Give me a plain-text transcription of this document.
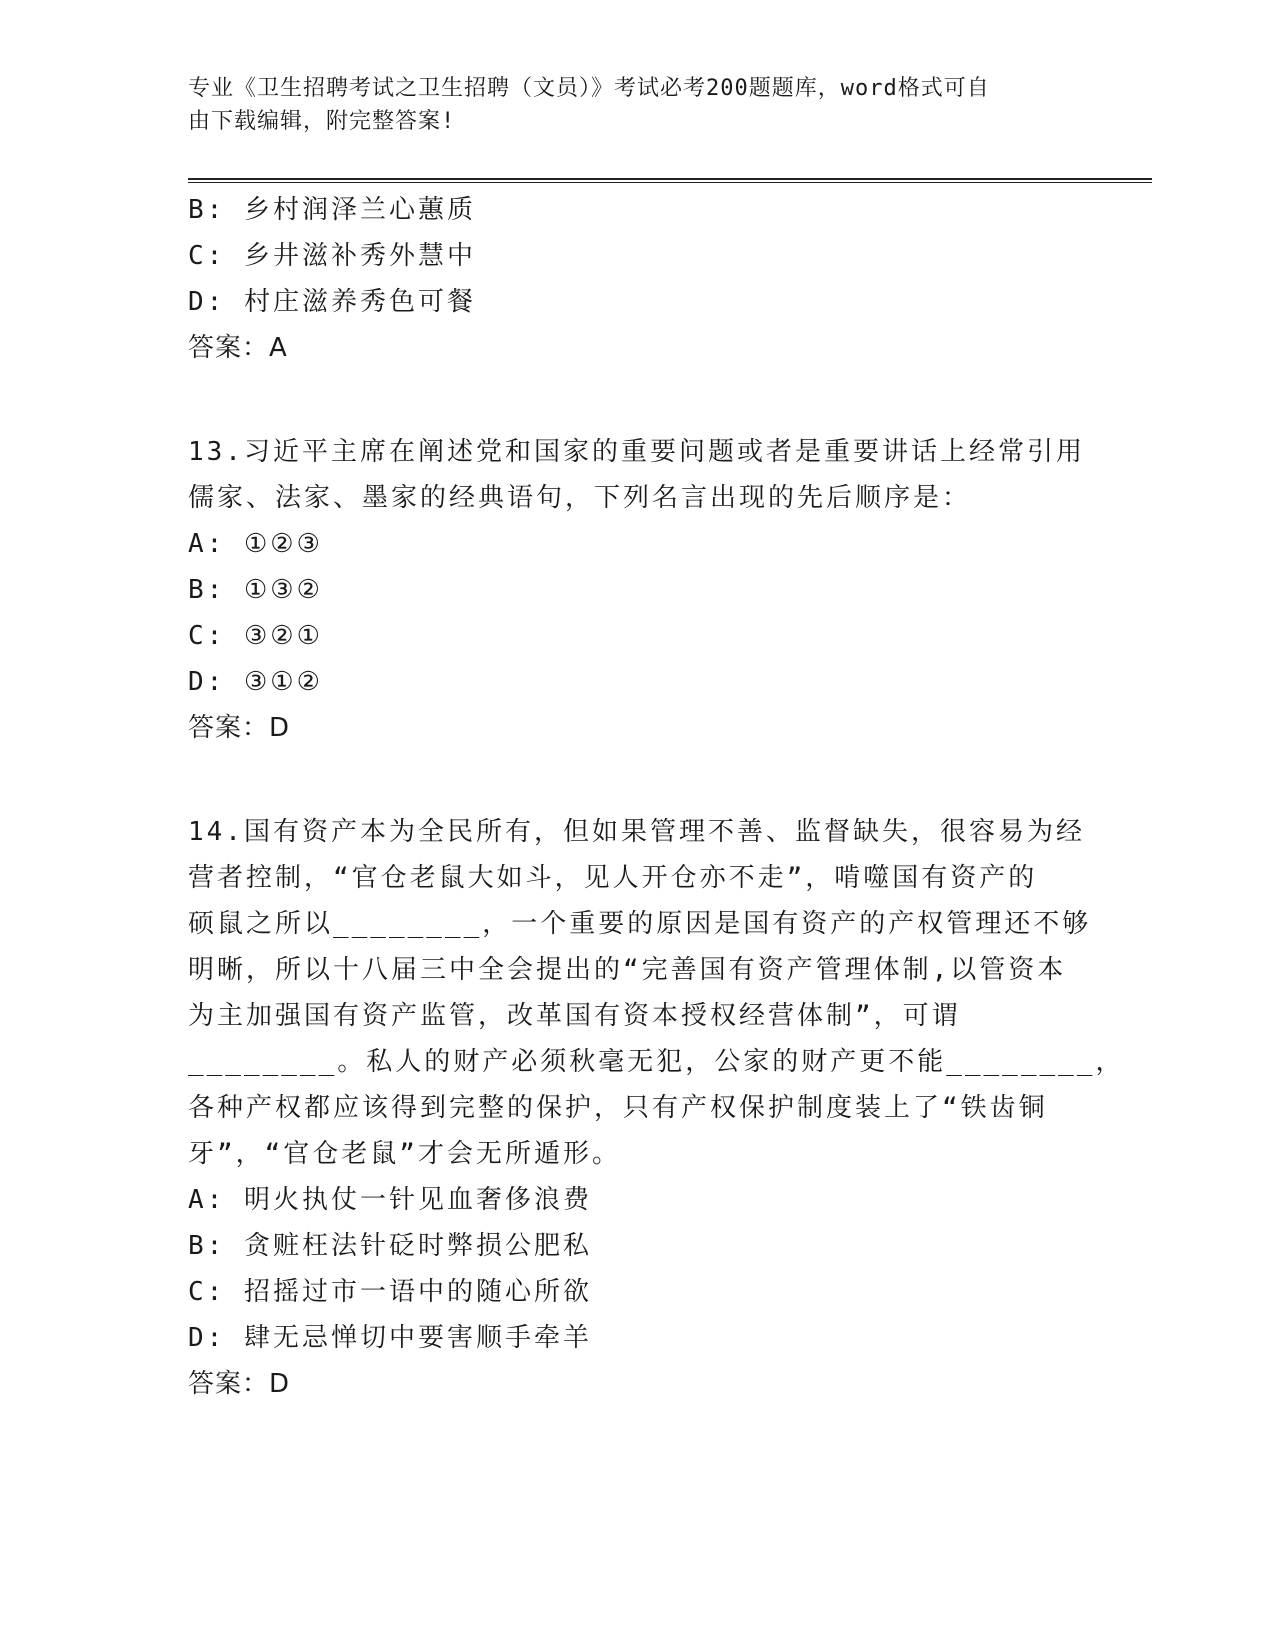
专业《卫生招聘考试之卫生招聘（文员）》考试必考200题题库，word格式可自
由下载编辑，附完整答案!
B: 乡村润泽兰心蕙质
C: 乡井滋补秀外慧中
D: 村庄滋养秀色可餐
答案：A
13.习近平主席在阐述党和国家的重要问题或者是重要讲话上经常引用
儒家、法家、墨家的经典语句，下列名言出现的先后顺序是：
A: ①②③
B: ①③②
C: ③②①
D: ③①②
答案：D
14.国有资产本为全民所有，但如果管理不善、监督缺失，很容易为经
营者控制，“官仓老鼠大如斗，见人开仓亦不走”，啃噬国有资产的
硕鼠之所以________，一个重要的原因是国有资产的产权管理还不够
明晰，所以十八届三中全会提出的“完善国有资产管理体制,以管资本
为主加强国有资产监管，改革国有资本授权经营体制”，可谓
________。私人的财产必须秋毫无犯，公家的财产更不能________，
各种产权都应该得到完整的保护，只有产权保护制度装上了“铁齿铜
牙”，“官仓老鼠”才会无所遁形。
A: 明火执仗一针见血奢侈浪费
B: 贪赃枉法针砭时弊损公肥私
C: 招摇过市一语中的随心所欲
D: 肆无忌惮切中要害顺手牵羊
答案：D
